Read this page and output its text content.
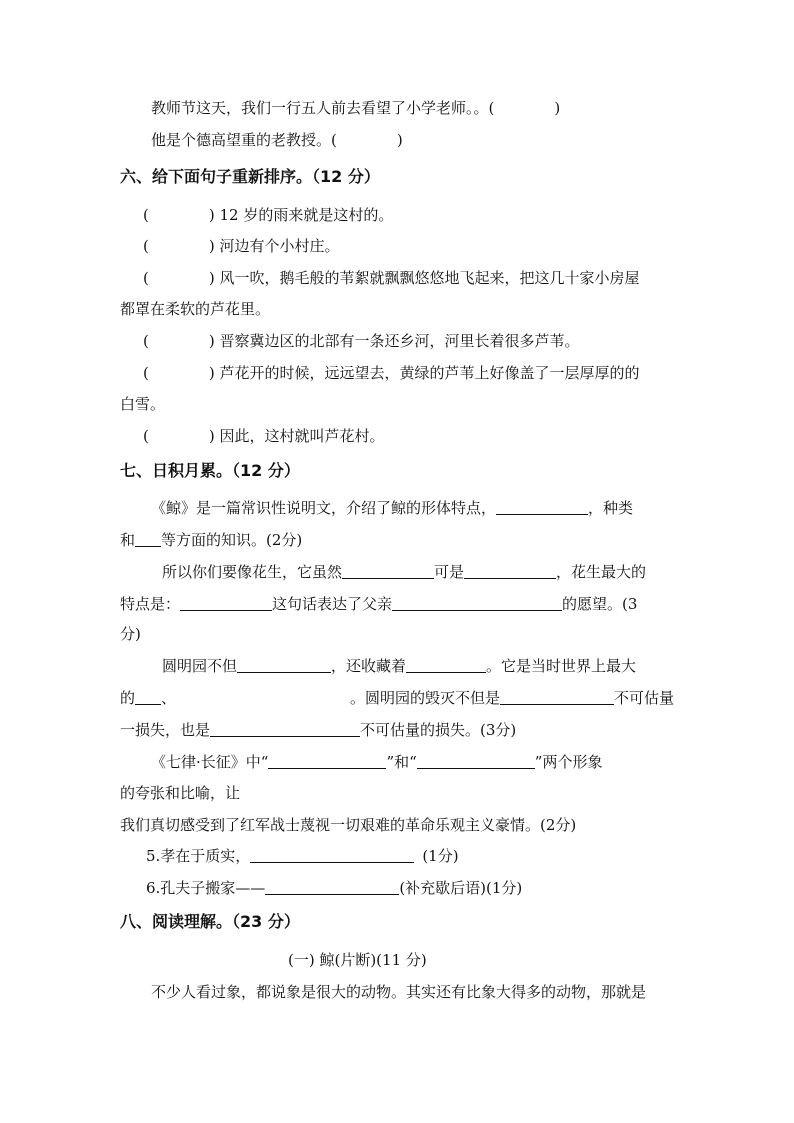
教师节这天，我们一行五人前去看望了小学老师。。(　　　　)
他是个德高望重的老教授。(　　　　)
六、给下面句子重新排序。（12 分）
(　　　　) 12 岁的雨来就是这村的。
(　　　　) 河边有个小村庄。
(　　　　) 风一吹，鹅毛般的苇絮就飘飘悠悠地飞起来，把这几十家小房屋
都罩在柔软的芦花里。
(　　　　) 晋察冀边区的北部有一条还乡河，河里长着很多芦苇。
(　　　　) 芦花开的时候，远远望去，黄绿的芦苇上好像盖了一层厚厚的的
白雪。
(　　　　) 因此，这村就叫芦花村。
七、日积月累。（12 分）
《鲸》是一篇常识性说明文，介绍了鲸的形体特点，	，种类
和 等方面的知识。(2分)
所以你们要像花生，它虽然	可是	，花生最大的
特点是：	这句话表达了父亲	的愿望。(3
分)
圆明园不但	，还收藏着	。它是当时世界上最大
的 、	。圆明园的毁灭不但是	不可估量
一损失，也是	不可估量的损失。(3分)
《七律·长征》中“	”和“	”两个形象
的夸张和比喻，让
我们真切感受到了红军战士蔑视一切艰难的革命乐观主义豪情。(2分)
5.孝在于质实，	(1分)
6.孔夫子搬家——	(补充歇后语)(1分)
八、阅读理解。（23 分）
(一) 鲸(片断)(11 分)
不少人看过象，都说象是很大的动物。其实还有比象大得多的动物，那就是
